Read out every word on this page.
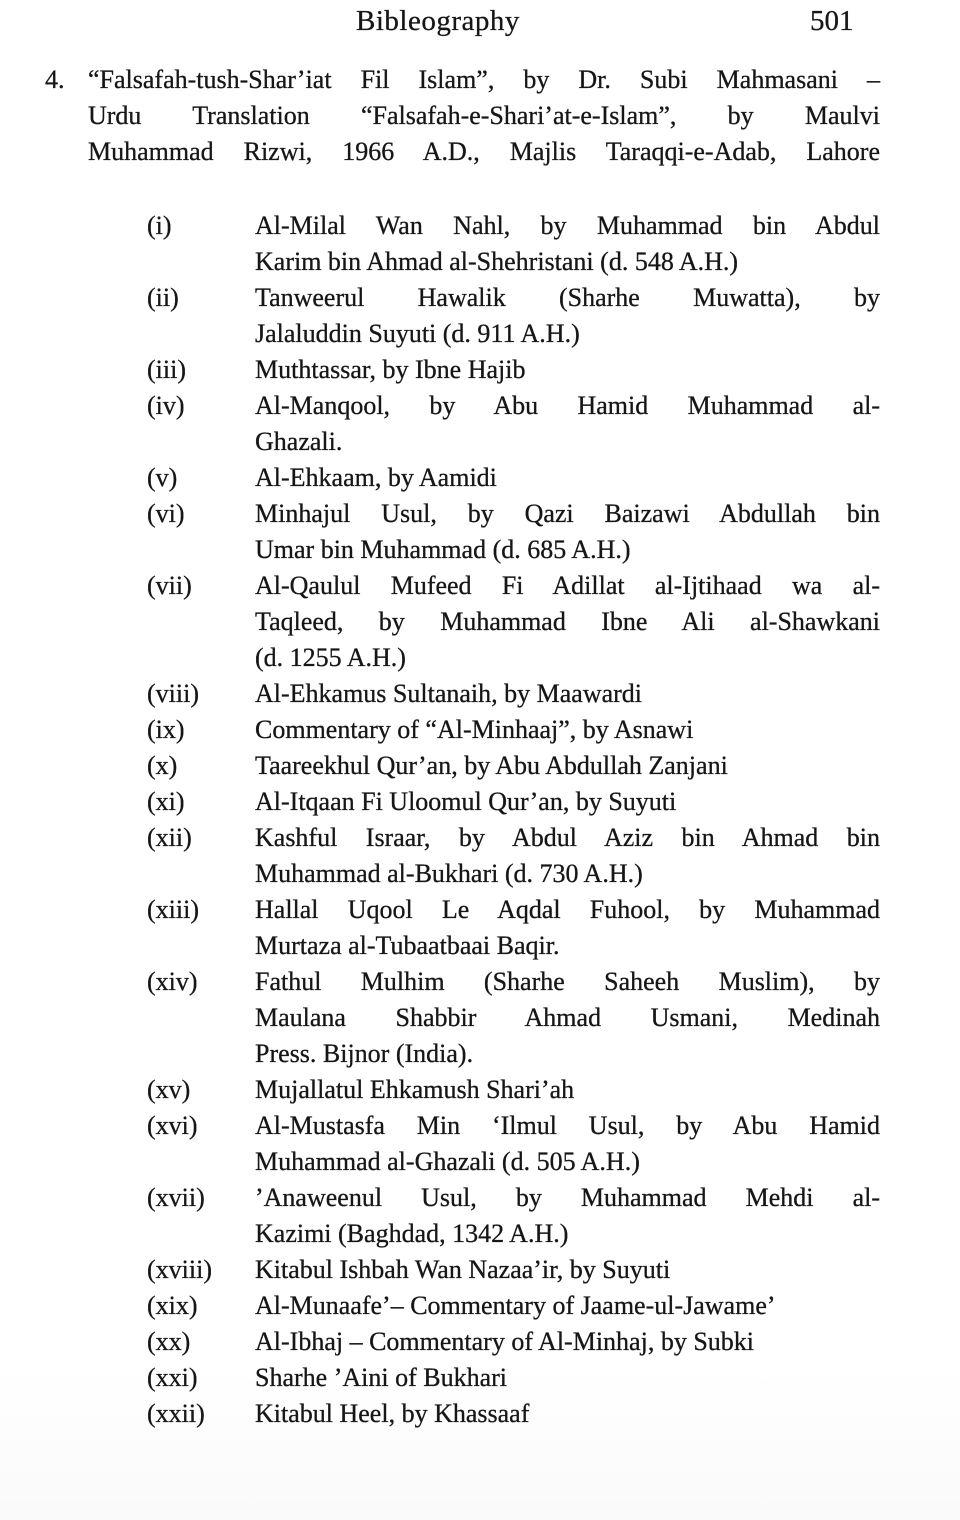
Bibleography	501
4. “Falsafah-tush-Shar’iat Fil Islam”, by Dr. Subi Mahmasani –
Urdu Translation “Falsafah-e-Shari’at-e-Islam”, by Maulvi
Muhammad Rizwi, 1966 A.D., Majlis Taraqqi-e-Adab, Lahore
(i)	Al-Milal Wan Nahl, by Muhammad bin Abdul
Karim bin Ahmad al-Shehristani (d. 548 A.H.)
(ii)	Tanweerul Hawalik (Sharhe Muwatta), by
Jalaluddin Suyuti (d. 911 A.H.)
(iii)	Muthtassar, by Ibne Hajib
(iv)	Al-Manqool, by Abu Hamid Muhammad al-
Ghazali.
(v)	Al-Ehkaam, by Aamidi
(vi)	Minhajul Usul, by Qazi Baizawi Abdullah bin
Umar bin Muhammad (d. 685 A.H.)
(vii)	Al-Qaulul Mufeed Fi Adillat al-Ijtihaad wa al-
Taqleed, by Muhammad Ibne Ali al-Shawkani
(d. 1255 A.H.)
(viii)	Al-Ehkamus Sultanaih, by Maawardi
(ix)	Commentary of “Al-Minhaaj”, by Asnawi
(x)	Taareekhul Qur’an, by Abu Abdullah Zanjani
(xi)	Al-Itqaan Fi Uloomul Qur’an, by Suyuti
(xii)	Kashful Israar, by Abdul Aziz bin Ahmad bin
Muhammad al-Bukhari (d. 730 A.H.)
(xiii)	Hallal Uqool Le Aqdal Fuhool, by Muhammad
Murtaza al-Tubaatbaai Baqir.
(xiv)	Fathul Mulhim (Sharhe Saheeh Muslim), by
Maulana Shabbir Ahmad Usmani, Medinah
Press. Bijnor (India).
(xv)	Mujallatul Ehkamush Shari’ah
(xvi)	Al-Mustasfa Min ‘Ilmul Usul, by Abu Hamid
Muhammad al-Ghazali (d. 505 A.H.)
(xvii)	’Anaweenul Usul, by Muhammad Mehdi al-
Kazimi (Baghdad, 1342 A.H.)
(xviii)	Kitabul Ishbah Wan Nazaa’ir, by Suyuti
(xix)	Al-Munaafe’– Commentary of Jaame-ul-Jawame’
(xx)	Al-Ibhaj – Commentary of Al-Minhaj, by Subki
(xxi)	Sharhe ’Aini of Bukhari
(xxii)	Kitabul Heel, by Khassaaf
